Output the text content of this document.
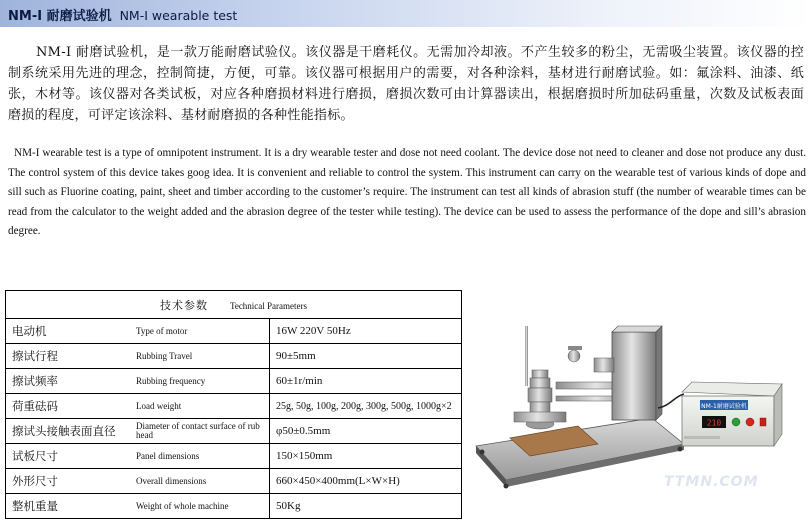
NM-I 耐磨试验机 NM-I wearable test
NM-I 耐磨试验机，是一款万能耐磨试验仪。该仪器是干磨耗仪。无需加冷却液。不产生较多的粉尘，无需吸尘装置。该仪器的控制系统采用先进的理念，控制简捷，方便，可靠。该仪器可根据用户的需要，对各种涂料，基材进行耐磨试验。如：氟涂料、油漆、纸张，木材等。该仪器对各类试板，对应各种磨损材料进行磨损，磨损次数可由计算器读出，根据磨损时所加砝码重量，次数及试板表面磨损的程度，可评定该涂料、基材耐磨损的各种性能指标。
NM-I wearable test is a type of omnipotent instrument. It is a dry wearable tester and dose not need coolant. The device dose not need to cleaner and dose not produce any dust. The control system of this device takes goog idea. It is convenient and reliable to control the system. This instrument can carry on the wearable test of various kinds of dope and sill such as Fluorine coating, paint, sheet and timber according to the customer’s require. The instrument can test all kinds of abrasion stuff (the number of wearable times can be read from the calculator to the weight added and the abrasion degree of the tester while testing). The device can be used to assess the performance of the dope and sill’s abrasion degree.
技术参数 Technical Parameters		
电动机	Type of motor	16W 220V 50Hz
擦试行程	Rubbing Travel	90±5mm
擦试频率	Rubbing frequency	60±1r/min
荷重砝码	Load weight	25g, 50g, 100g, 200g, 300g, 500g, 1000g×2
擦试头接触表面直径	Diameter of contact surface of rub head	φ50±0.5mm
试板尺寸	Panel dimensions	150×150mm
外形尺寸	Overall dimensions	660×450×400mm(L×W×H)
整机重量	Weight of whole machine	50Kg
NM-1耐磨试验机
210
TTMN.COM
